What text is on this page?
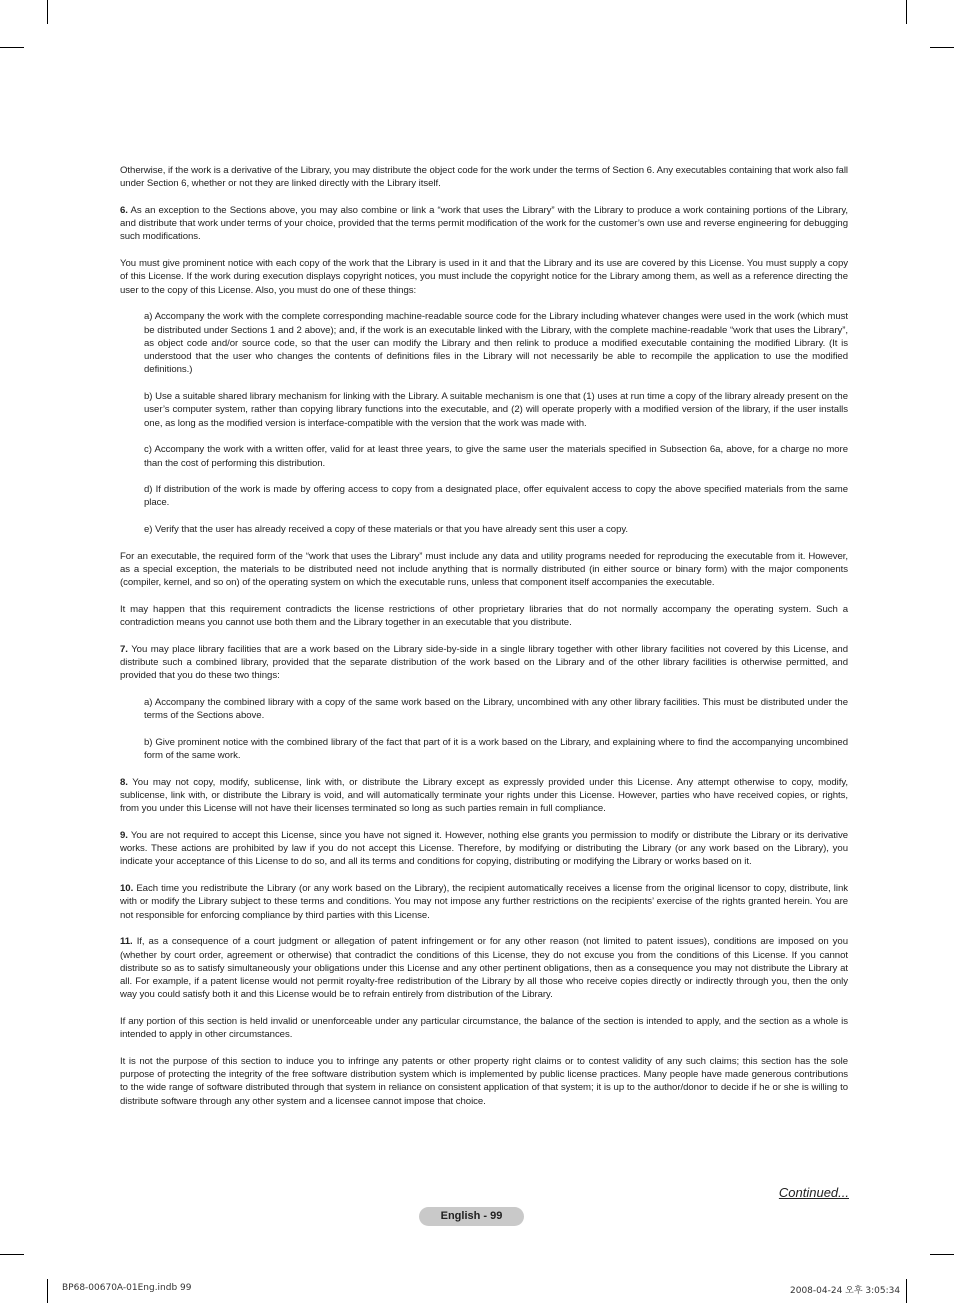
Otherwise, if the work is a derivative of the Library, you may distribute the object code for the work under the terms of Section 6. Any executables containing that work also fall under Section 6, whether or not they are linked directly with the Library itself.

6. As an exception to the Sections above, you may also combine or link a “work that uses the Library” with the Library to produce a work containing portions of the Library, and distribute that work under terms of your choice, provided that the terms permit modification of the work for the customer’s own use and reverse engineering for debugging such modifications.

You must give prominent notice with each copy of the work that the Library is used in it and that the Library and its use are covered by this License. You must supply a copy of this License. If the work during execution displays copyright notices, you must include the copyright notice for the Library among them, as well as a reference directing the user to the copy of this License. Also, you must do one of these things:

a) Accompany the work with the complete corresponding machine-readable source code for the Library including whatever changes were used in the work (which must be distributed under Sections 1 and 2 above); and, if the work is an executable linked with the Library, with the complete machine-readable “work that uses the Library”, as object code and/or source code, so that the user can modify the Library and then relink to produce a modified executable containing the modified Library. (It is understood that the user who changes the contents of definitions files in the Library will not necessarily be able to recompile the application to use the modified definitions.)

b) Use a suitable shared library mechanism for linking with the Library. A suitable mechanism is one that (1) uses at run time a copy of the library already present on the user’s computer system, rather than copying library functions into the executable, and (2) will operate properly with a modified version of the library, if the user installs one, as long as the modified version is interface-compatible with the version that the work was made with.

c) Accompany the work with a written offer, valid for at least three years, to give the same user the materials specified in Subsection 6a, above, for a charge no more than the cost of performing this distribution.

d) If distribution of the work is made by offering access to copy from a designated place, offer equivalent access to copy the above specified materials from the same place.

e) Verify that the user has already received a copy of these materials or that you have already sent this user a copy.

For an executable, the required form of the “work that uses the Library” must include any data and utility programs needed for reproducing the executable from it. However, as a special exception, the materials to be distributed need not include anything that is normally distributed (in either source or binary form) with the major components (compiler, kernel, and so on) of the operating system on which the executable runs, unless that component itself accompanies the executable.

It may happen that this requirement contradicts the license restrictions of other proprietary libraries that do not normally accompany the operating system. Such a contradiction means you cannot use both them and the Library together in an executable that you distribute.

7. You may place library facilities that are a work based on the Library side-by-side in a single library together with other library facilities not covered by this License, and distribute such a combined library, provided that the separate distribution of the work based on the Library and of the other library facilities is otherwise permitted, and provided that you do these two things:

a) Accompany the combined library with a copy of the same work based on the Library, uncombined with any other library facilities. This must be distributed under the terms of the Sections above.

b) Give prominent notice with the combined library of the fact that part of it is a work based on the Library, and explaining where to find the accompanying uncombined form of the same work.

8. You may not copy, modify, sublicense, link with, or distribute the Library except as expressly provided under this License. Any attempt otherwise to copy, modify, sublicense, link with, or distribute the Library is void, and will automatically terminate your rights under this License. However, parties who have received copies, or rights, from you under this License will not have their licenses terminated so long as such parties remain in full compliance.

9. You are not required to accept this License, since you have not signed it. However, nothing else grants you permission to modify or distribute the Library or its derivative works. These actions are prohibited by law if you do not accept this License. Therefore, by modifying or distributing the Library (or any work based on the Library), you indicate your acceptance of this License to do so, and all its terms and conditions for copying, distributing or modifying the Library or works based on it.

10. Each time you redistribute the Library (or any work based on the Library), the recipient automatically receives a license from the original licensor to copy, distribute, link with or modify the Library subject to these terms and conditions. You may not impose any further restrictions on the recipients’ exercise of the rights granted herein. You are not responsible for enforcing compliance by third parties with this License.

11. If, as a consequence of a court judgment or allegation of patent infringement or for any other reason (not limited to patent issues), conditions are imposed on you (whether by court order, agreement or otherwise) that contradict the conditions of this License, they do not excuse you from the conditions of this License. If you cannot distribute so as to satisfy simultaneously your obligations under this License and any other pertinent obligations, then as a consequence you may not distribute the Library at all. For example, if a patent license would not permit royalty-free redistribution of the Library by all those who receive copies directly or indirectly through you, then the only way you could satisfy both it and this License would be to refrain entirely from distribution of the Library.

If any portion of this section is held invalid or unenforceable under any particular circumstance, the balance of the section is intended to apply, and the section as a whole is intended to apply in other circumstances.

It is not the purpose of this section to induce you to infringe any patents or other property right claims or to contest validity of any such claims; this section has the sole purpose of protecting the integrity of the free software distribution system which is implemented by public license practices. Many people have made generous contributions to the wide range of software distributed through that system in reliance on consistent application of that system; it is up to the author/donor to decide if he or she is willing to distribute software through any other system and a licensee cannot impose that choice.

Continued...
English - 99
BP68-00670A-01Eng.indb 99	2008-04-24 오후 3:05:34
